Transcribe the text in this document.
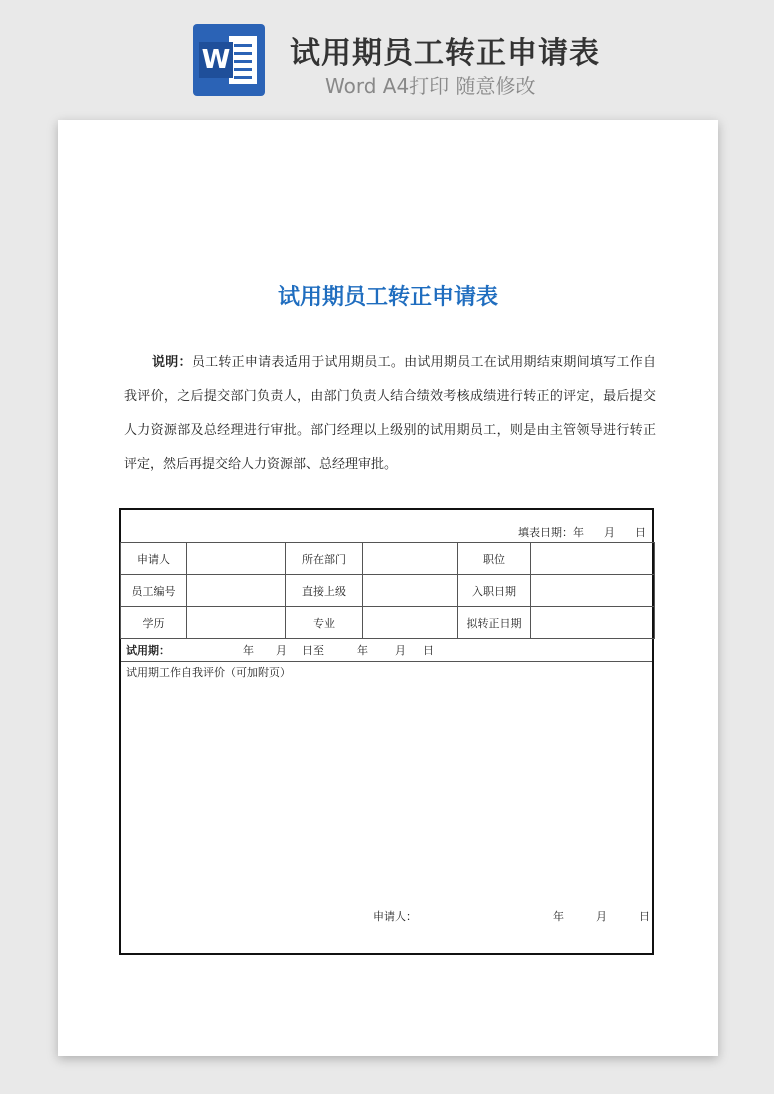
W 试用期员工转正申请表
Word A4打印 随意修改
试用期员工转正申请表
说明：员工转正申请表适用于试用期员工。由试用期员工在试用期结束期间填写工作自我评价，之后提交部门负责人，由部门负责人结合绩效考核成绩进行转正的评定，最后提交人力资源部及总经理进行审批。部门经理以上级别的试用期员工，则是由主管领导进行转正评定，然后再提交给人力资源部、总经理审批。
填表日期：年 月 日
申请人		所在部门		职位	
员工编号		直接上级		入职日期	
学历		专业		拟转正日期	
试用期：	年 月 日至	年 月 日
试用期工作自我评价（可加附页）
申请人：	年	月	日
